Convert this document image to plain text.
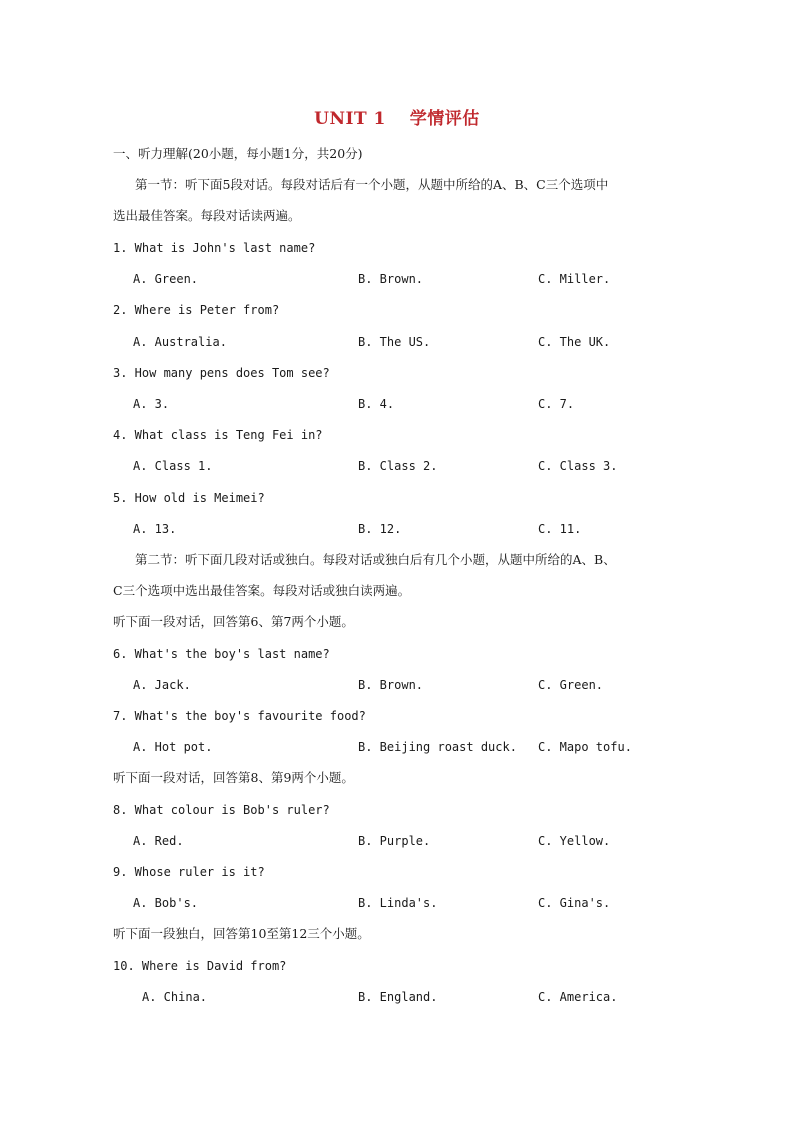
UNIT 1　 学情评估
一、听力理解(20小题，每小题1分，共20分)
第一节：听下面5段对话。每段对话后有一个小题，从题中所给的A、B、C三个选项中
选出最佳答案。每段对话读两遍。
1. What is John's last name?
A. Green.	B. Brown.	C. Miller.
2. Where is Peter from?
A. Australia.	B. The US.	C. The UK.
3. How many pens does Tom see?
A. 3.	B. 4.	C. 7.
4. What class is Teng Fei in?
A. Class 1.	B. Class 2.	C. Class 3.
5. How old is Meimei?
A. 13.	B. 12.	C. 11.
第二节：听下面几段对话或独白。每段对话或独白后有几个小题，从题中所给的A、B、
C三个选项中选出最佳答案。每段对话或独白读两遍。
听下面一段对话，回答第6、第7两个小题。
6. What's the boy's last name?
A. Jack.	B. Brown.	C. Green.
7. What's the boy's favourite food?
A. Hot pot.	B. Beijing roast duck. C. Mapo tofu.
听下面一段对话，回答第8、第9两个小题。
8. What colour is Bob's ruler?
A. Red.	B. Purple.	C. Yellow.
9. Whose ruler is it?
A. Bob's.	B. Linda's.	C. Gina's.
听下面一段独白，回答第10至第12三个小题。
10. Where is David from?
A. China.	B. England.	C. America.
